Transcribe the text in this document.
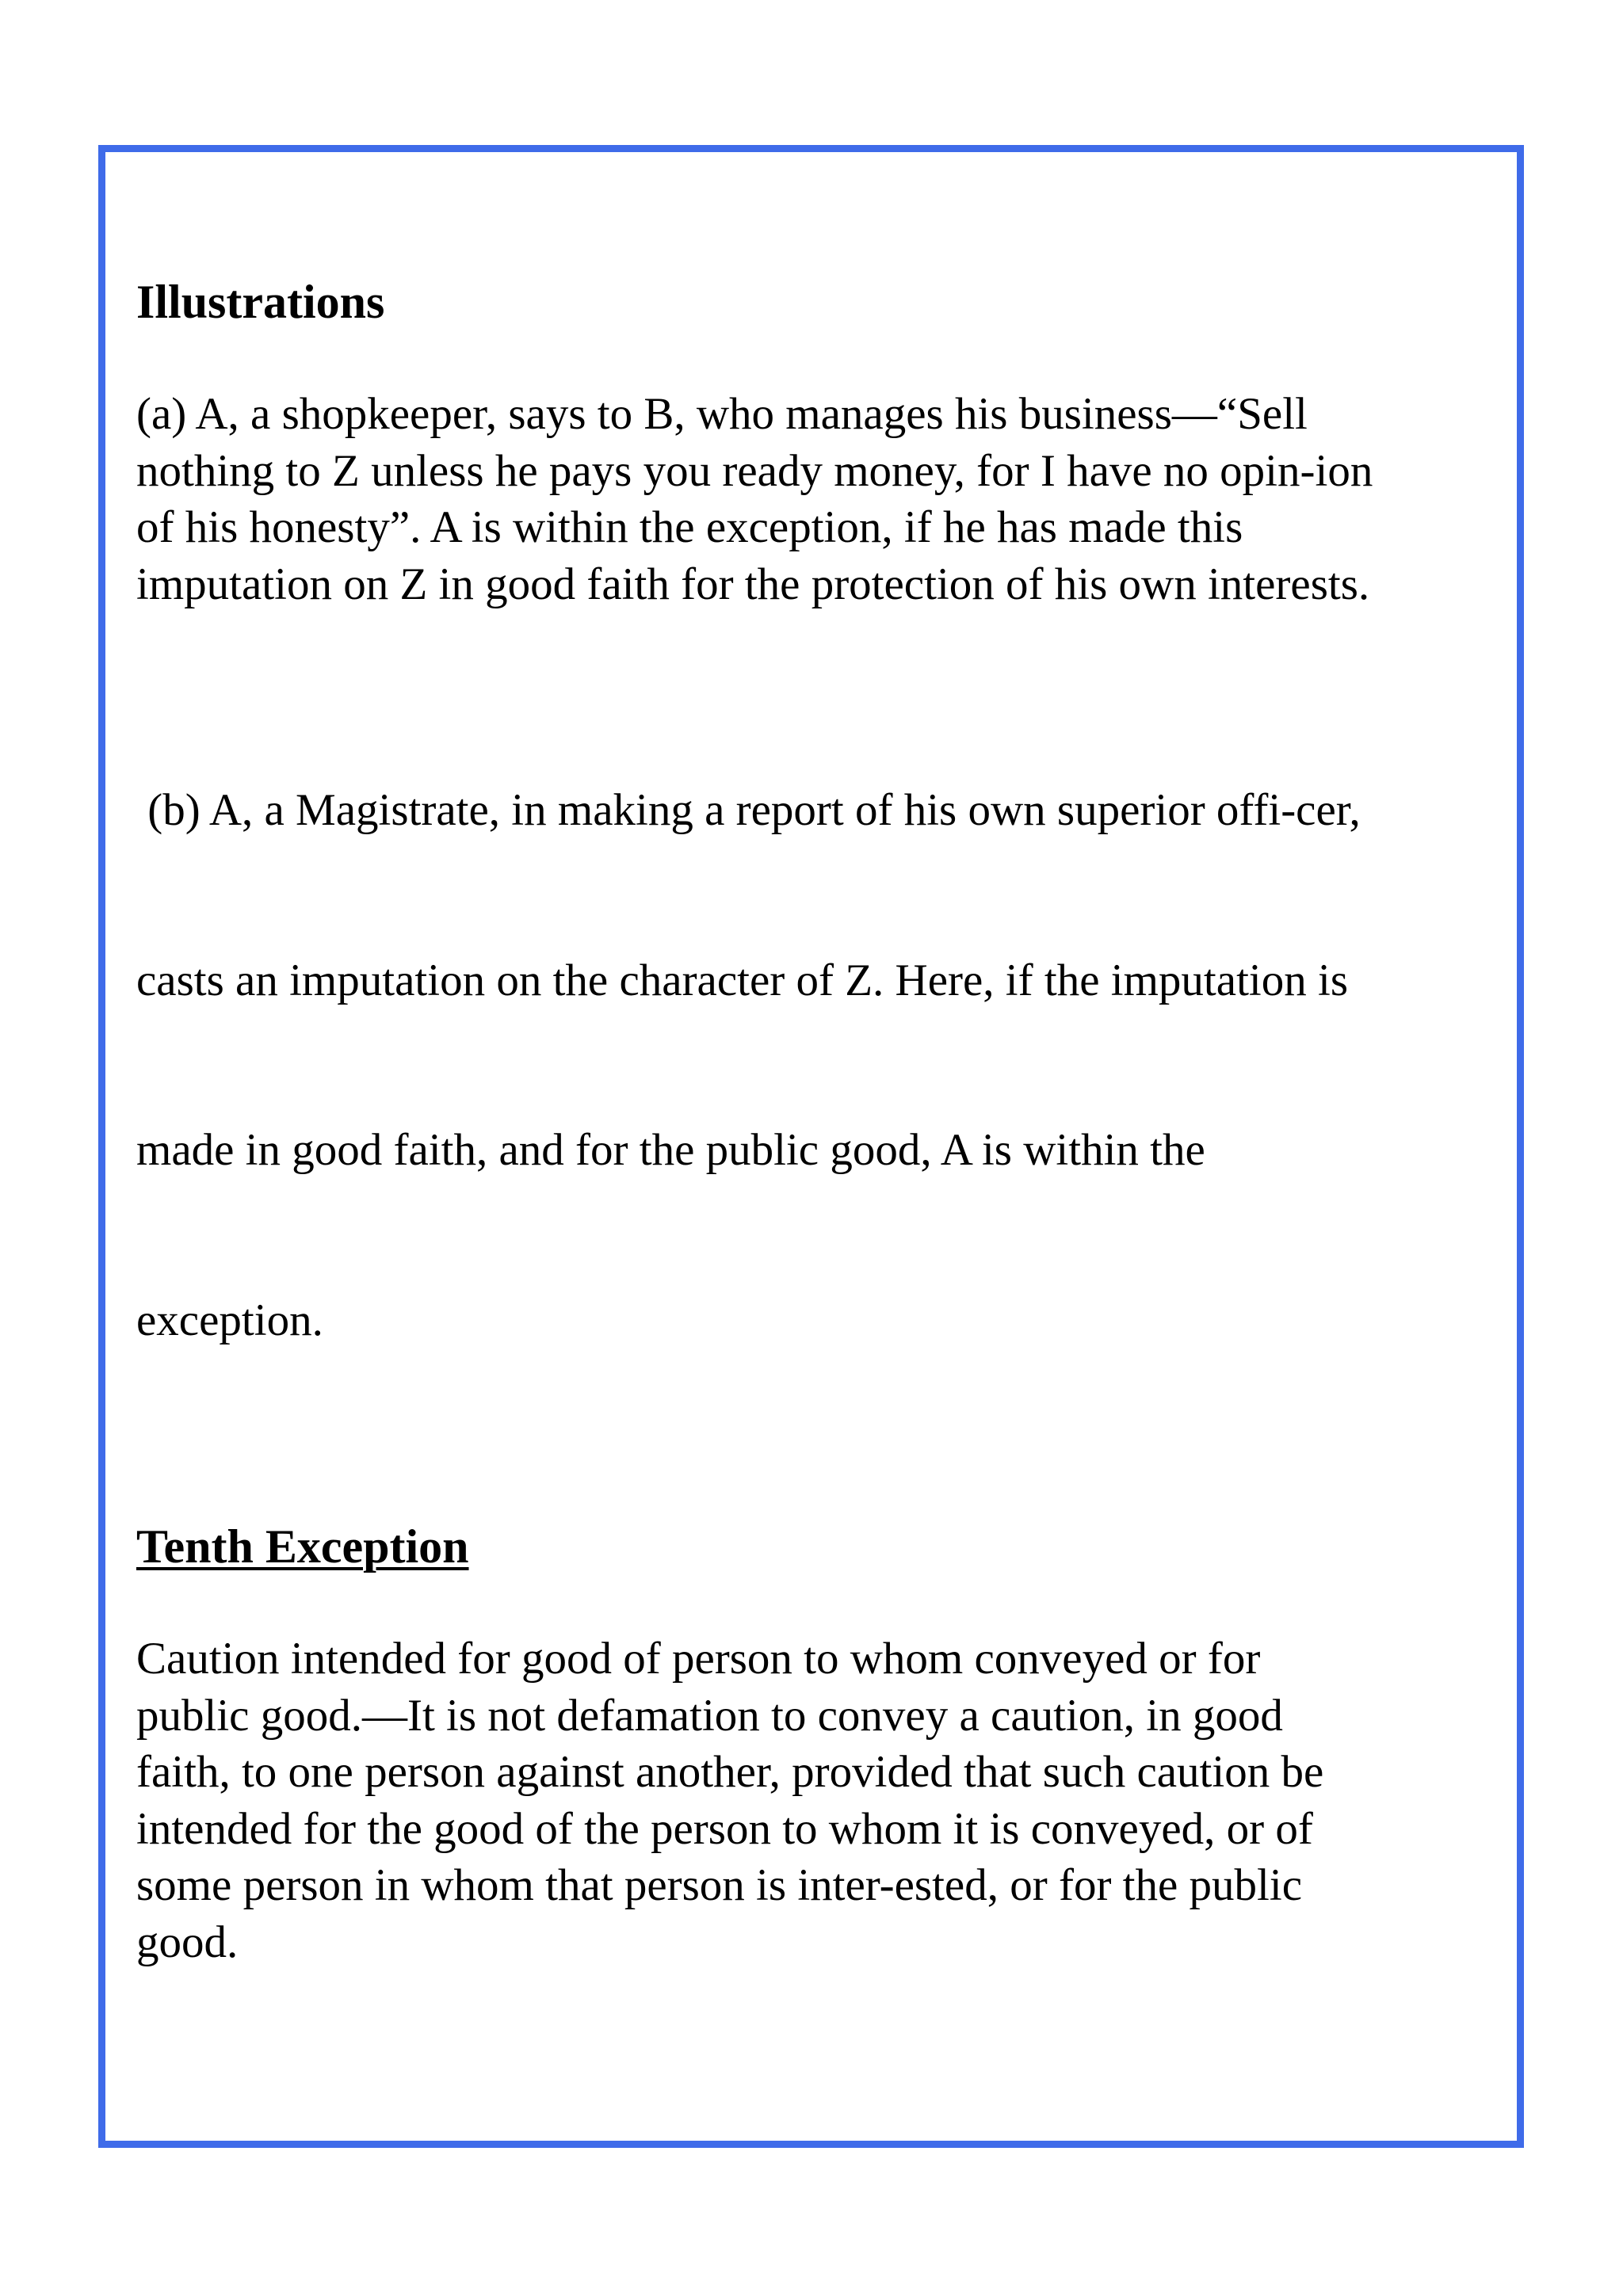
Illustrations

(a) A, a shopkeeper, says to B, who manages his business—“Sell
nothing to Z unless he pays you ready money, for I have no opin-ion
of his honesty”. A is within the exception, if he has made this
imputation on Z in good faith for the protection of his own interests.

(b) A, a Magistrate, in making a report of his own superior offi-cer,

casts an imputation on the character of Z. Here, if the imputation is

made in good faith, and for the public good, A is within the

exception.

Tenth Exception

Caution intended for good of person to whom conveyed or for
public good.—It is not defamation to convey a caution, in good
faith, to one person against another, provided that such caution be
intended for the good of the person to whom it is conveyed, or of
some person in whom that person is inter-ested, or for the public
good.
